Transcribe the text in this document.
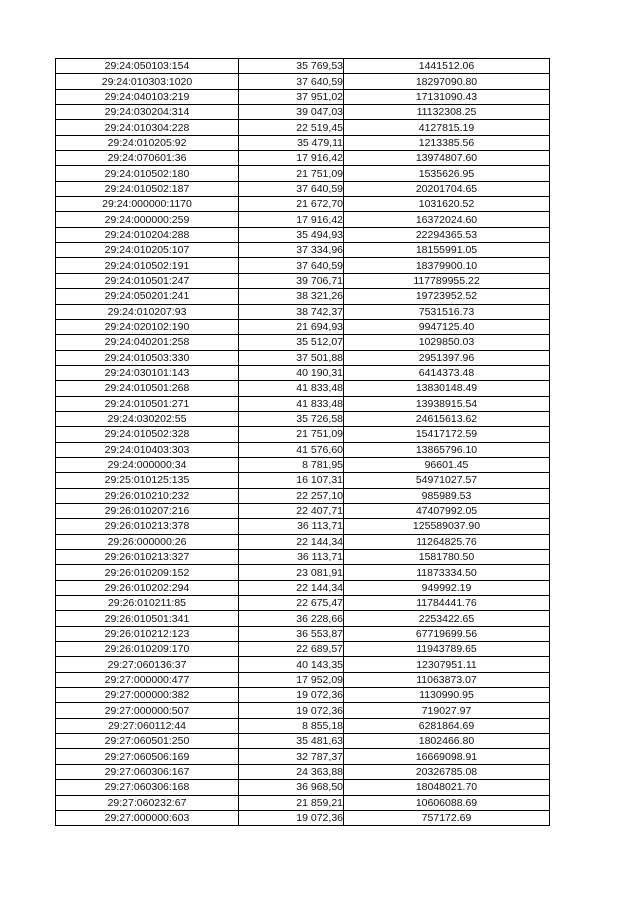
29:24:050103:154	35 769,53	1441512.06
29:24:010303:1020	37 640,59	18297090.80
29:24:040103:219	37 951,02	17131090.43
29:24:030204:314	39 047,03	11132308.25
29:24:010304:228	22 519,45	4127815.19
29:24:010205:92	35 479,11	1213385.56
29:24:070601:36	17 916,42	13974807.60
29:24:010502:180	21 751,09	1535626.95
29:24:010502:187	37 640,59	20201704.65
29:24:000000:1170	21 672,70	1031620.52
29:24:000000:259	17 916,42	16372024.60
29:24:010204:288	35 494,93	22294365.53
29:24:010205:107	37 334,96	18155991.05
29:24:010502:191	37 640,59	18379900.10
29:24:010501:247	39 706,71	117789955.22
29:24:050201:241	38 321,26	19723952.52
29:24:010207:93	38 742,37	7531516.73
29:24:020102:190	21 694,93	9947125.40
29:24:040201:258	35 512,07	1029850.03
29:24:010503:330	37 501,88	2951397.96
29:24:030101:143	40 190,31	6414373.48
29:24:010501:268	41 833,48	13830148.49
29:24:010501:271	41 833,48	13938915.54
29:24:030202:55	35 726,58	24615613.62
29:24:010502:328	21 751,09	15417172.59
29:24:010403:303	41 576,60	13865796.10
29:24:000000:34	8 781,95	96601.45
29:25:010125:135	16 107,31	54971027.57
29:26:010210:232	22 257,10	985989.53
29:26:010207:216	22 407,71	47407992.05
29:26:010213:378	36 113,71	125589037.90
29:26:000000:26	22 144,34	11264825.76
29:26:010213:327	36 113,71	1581780.50
29:26:010209:152	23 081,91	11873334.50
29:26:010202:294	22 144,34	949992.19
29:26:010211:85	22 675,47	11784441.76
29:26:010501:341	36 228,66	2253422.65
29:26:010212:123	36 553,87	67719699.56
29:26:010209:170	22 689,57	11943789.65
29:27:060136:37	40 143,35	12307951.11
29:27:000000:477	17 952,09	11063873.07
29:27:000000:382	19 072,36	1130990.95
29:27:000000:507	19 072,36	719027.97
29:27:060112:44	8 855,18	6281864.69
29:27:060501:250	35 481,63	1802466.80
29:27:060506:169	32 787,37	16669098.91
29:27:060306:167	24 363,88	20326785.08
29:27:060306:168	36 968,50	18048021.70
29:27:060232:67	21 859,21	10606088.69
29:27:000000:603	19 072,36	757172.69
